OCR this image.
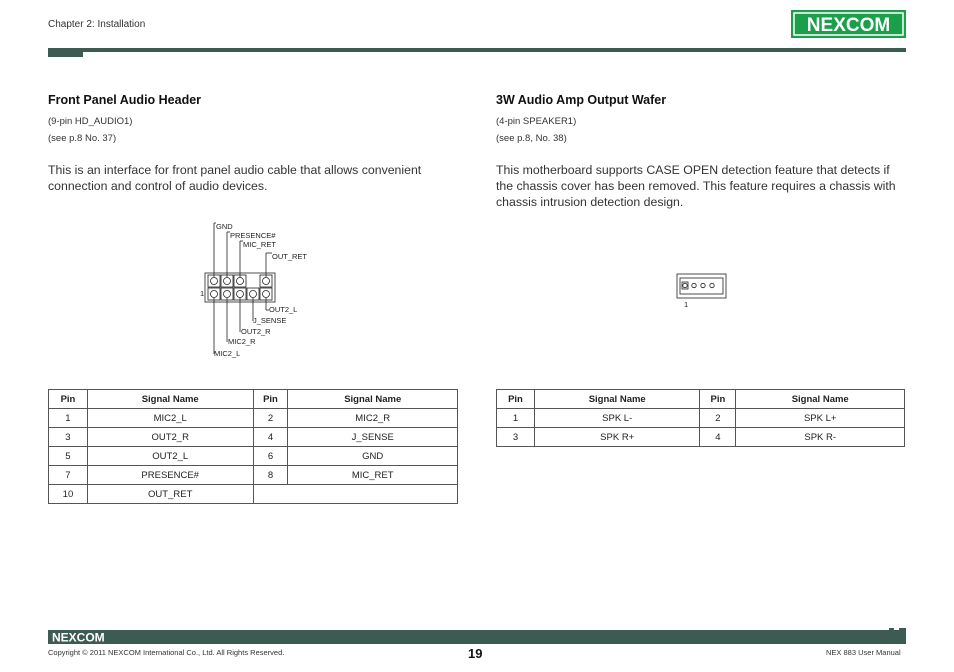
Chapter 2: Installation	NEXCOM
Front Panel Audio Header
(9-pin HD_AUDIO1)
(see p.8 No. 37)
This is an interface for front panel audio cable that allows convenient connection and control of audio devices.
GND
PRESENCE#
MIC_RET
OUT_RET
1
OUT2_L
J_SENSE
OUT2_R
MIC2_R
MIC2_L
Pin	Signal Name	Pin	Signal Name
1	MIC2_L	2	MIC2_R
3	OUT2_R	4	J_SENSE
5	OUT2_L	6	GND
7	PRESENCE#	8	MIC_RET
10	OUT_RET		
3W Audio Amp Output Wafer
(4-pin SPEAKER1)
(see p.8, No. 38)
This motherboard supports CASE OPEN detection feature that detects if the chassis cover has been removed. This feature requires a chassis with chassis intrusion detection design.
1
Pin	Signal Name	Pin	Signal Name
1	SPK L-	2	SPK L+
3	SPK R+	4	SPK R-
NEXCOM
19
Copyright © 2011 NEXCOM International Co., Ltd. All Rights Reserved.	NEX 883 User Manual
